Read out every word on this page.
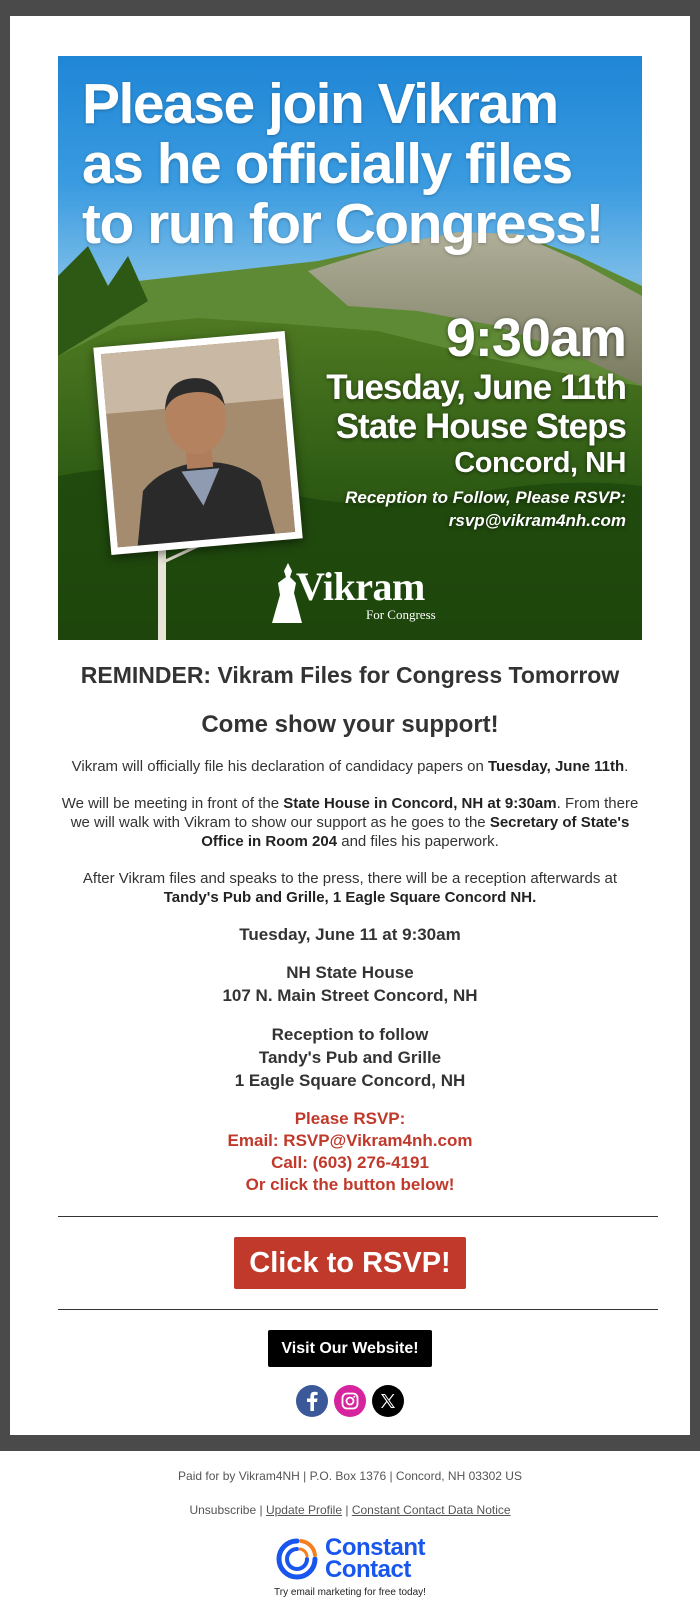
Please join Vikram as he officially files to run for Congress!
9:30am
Tuesday, June 11th
State House Steps
Concord, NH
Reception to Follow, Please RSVP:
rsvp@vikram4nh.com
Vikram
For Congress
REMINDER: Vikram Files for Congress Tomorrow
Come show your support!

Vikram will officially file his declaration of candidacy papers on Tuesday, June 11th.

We will be meeting in front of the State House in Concord, NH at 9:30am. From there we will walk with Vikram to show our support as he goes to the Secretary of State's Office in Room 204 and files his paperwork.

After Vikram files and speaks to the press, there will be a reception afterwards at Tandy's Pub and Grille, 1 Eagle Square Concord NH.

Tuesday, June 11 at 9:30am
NH State House
107 N. Main Street Concord, NH
Reception to follow
Tandy's Pub and Grille
1 Eagle Square Concord, NH
Please RSVP:
Email: RSVP@Vikram4nh.com
Call: (603) 276-4191
Or click the button below!
Click to RSVP!
Visit Our Website!
Paid for by Vikram4NH | P.O. Box 1376 | Concord, NH 03302 US
Unsubscribe | Update Profile | Constant Contact Data Notice
Constant
Contact
Try email marketing for free today!
